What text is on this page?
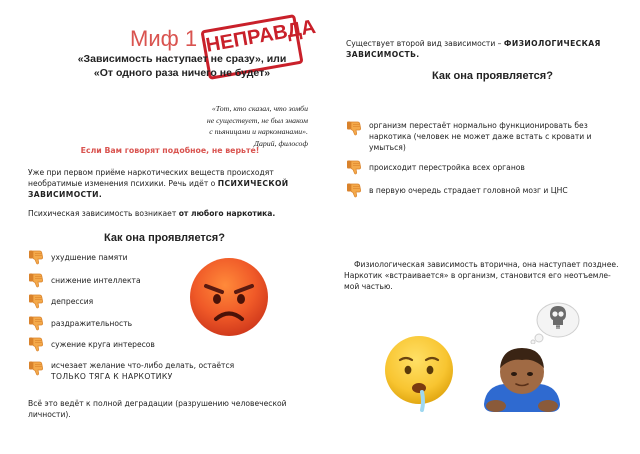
Миф 1 НЕПРАВДА
«Зависимость наступает не сразу», или
«От одного раза ничего не будет»
«Тот, кто сказал, что зомби
не существует, не был знаком
с пьяницами и наркоманами».
Дарий, философ
Если Вам говорят подобное, не верьте!
Уже при первом приёме наркотических веществ происходят необратимые изменения психики. Речь идёт о ПСИХИЧЕСКОЙ ЗАВИСИМОСТИ.
Психическая зависимость возникает от любого наркотика.
Как она проявляется?
ухудшение памяти
снижение интеллекта
депрессия
раздражительность
сужение круга интересов
исчезает желание что-либо делать, остаётся
ТОЛЬКО ТЯГА К НАРКОТИКУ
Всё это ведёт к полной деградации (разрушению человеческой личности).
Существует второй вид зависимости – ФИЗИОЛОГИЧЕСКАЯ ЗАВИСИМОСТЬ.
Как она проявляется?
организм перестаёт нормально функционировать без наркотика (человек не может даже встать с кровати и умыться)
происходит перестройка всех органов
в первую очередь страдает головной мозг и ЦНС
Физиологическая зависимость вторична, она наступает позднее. Наркотик «встраивается» в организм, становится его неотъемле-мой частью.
